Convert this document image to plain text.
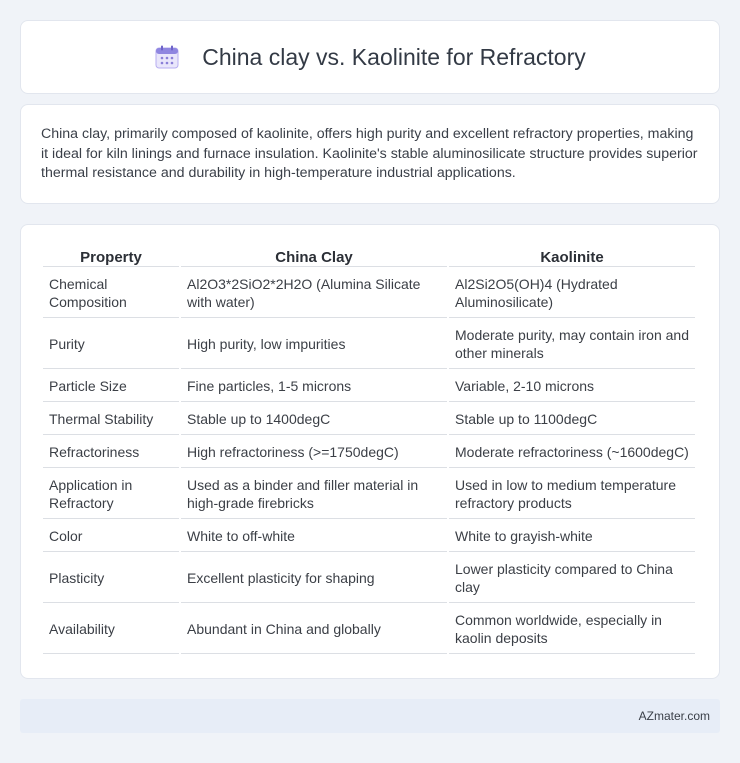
China clay vs. Kaolinite for Refractory

China clay, primarily composed of kaolinite, offers high purity and excellent refractory properties, making it ideal for kiln linings and furnace insulation. Kaolinite's stable aluminosilicate structure provides superior thermal resistance and durability in high-temperature industrial applications.

Property	China Clay	Kaolinite
Chemical Composition	Al2O3*2SiO2*2H2O (Alumina Silicate with water)	Al2Si2O5(OH)4 (Hydrated Aluminosilicate)
Purity	High purity, low impurities	Moderate purity, may contain iron and other minerals
Particle Size	Fine particles, 1-5 microns	Variable, 2-10 microns
Thermal Stability	Stable up to 1400degC	Stable up to 1100degC
Refractoriness	High refractoriness (>=1750degC)	Moderate refractoriness (~1600degC)
Application in Refractory	Used as a binder and filler material in high-grade firebricks	Used in low to medium temperature refractory products
Color	White to off-white	White to grayish-white
Plasticity	Excellent plasticity for shaping	Lower plasticity compared to China clay
Availability	Abundant in China and globally	Common worldwide, especially in kaolin deposits
AZmater.com
